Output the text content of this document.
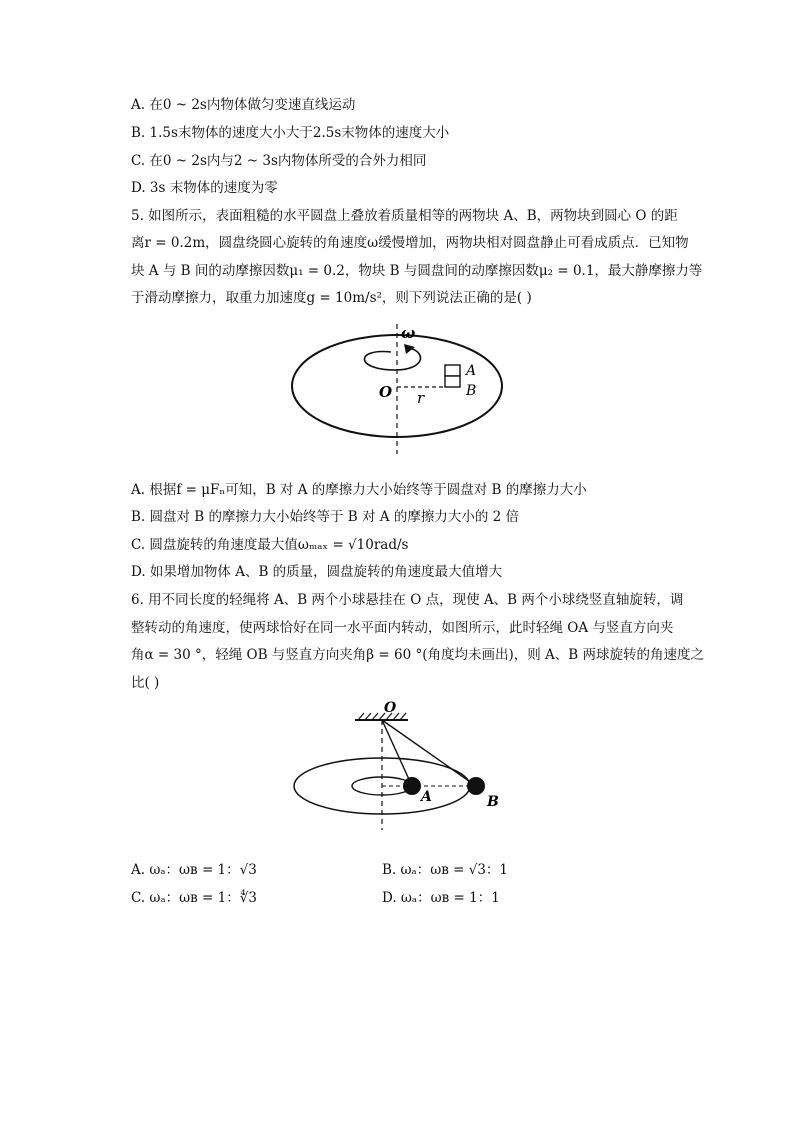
A. 在0 ~ 2s内物体做匀变速直线运动
B. 1.5s末物体的速度大小大于2.5s末物体的速度大小
C. 在0 ~ 2s内与2 ~ 3s内物体所受的合外力相同
D. 3s 末物体的速度为零
5. 如图所示，表面粗糙的水平圆盘上叠放着质量相等的两物块 A、B，两物块到圆心 O 的距
离r = 0.2m，圆盘绕圆心旋转的角速度ω缓慢增加，两物块相对圆盘静止可看成质点．已知物
块 A 与 B 间的动摩擦因数μ₁ = 0.2，物块 B 与圆盘间的动摩擦因数μ₂ = 0.1，最大静摩擦力等
于滑动摩擦力，取重力加速度g = 10m/s²，则下列说法正确的是( )
ω
O r
A
B
A. 根据f = μFₙ可知，B 对 A 的摩擦力大小始终等于圆盘对 B 的摩擦力大小
B. 圆盘对 B 的摩擦力大小始终等于 B 对 A 的摩擦力大小的 2 倍
C. 圆盘旋转的角速度最大值ωₘₐₓ = √10rad/s
D. 如果增加物体 A、B 的质量，圆盘旋转的角速度最大值增大
6. 用不同长度的轻绳将 A、B 两个小球悬挂在 O 点，现使 A、B 两个小球绕竖直轴旋转，调
整转动的角速度，使两球恰好在同一水平面内转动，如图所示，此时轻绳 OA 与竖直方向夹
角α = 30 °，轻绳 OB 与竖直方向夹角β = 60 °(角度均未画出)，则 A、B 两球旋转的角速度之
比( )
O
A	B
A. ωₐ：ωʙ = 1：√3	B. ωₐ：ωʙ = √3：1
C. ωₐ：ωʙ = 1：∜3	D. ωₐ：ωʙ = 1：1
